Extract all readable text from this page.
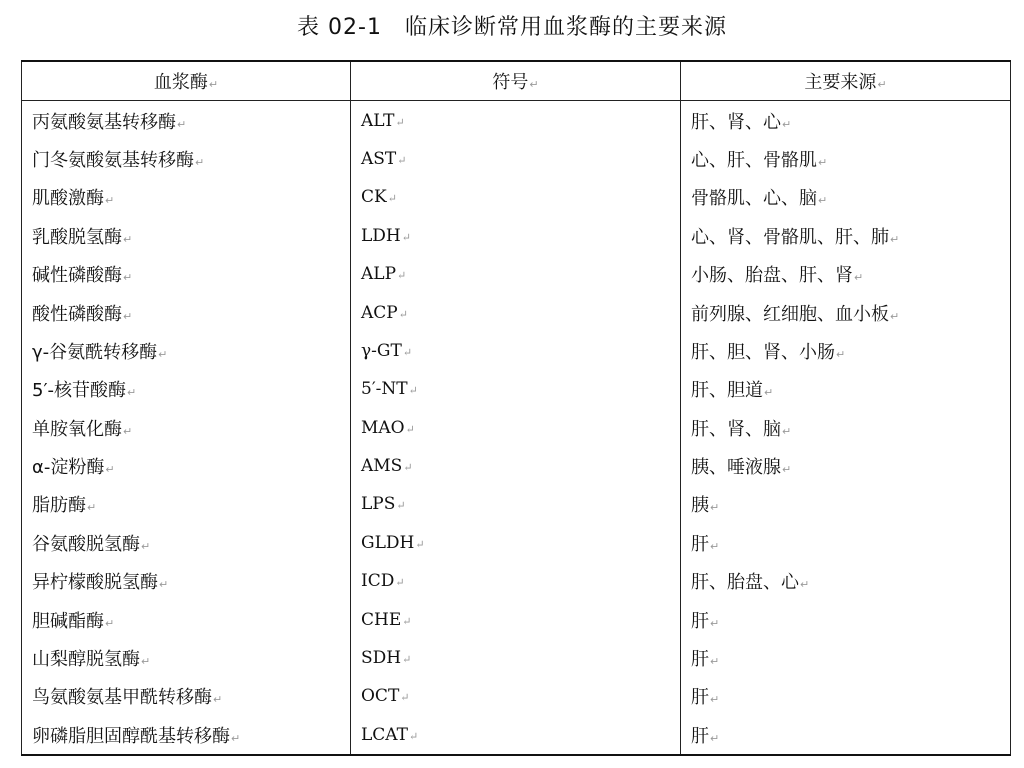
表 02-1　临床诊断常用血浆酶的主要来源
血浆酶 ↵	符号 ↵	主要来源 ↵
丙氨酸氨基转移酶 ↵	ALT ↵	肝、肾、心 ↵
门冬氨酸氨基转移酶 ↵	AST ↵	心、肝、骨骼肌 ↵
肌酸激酶 ↵	CK ↵	骨骼肌、心、脑 ↵
乳酸脱氢酶 ↵	LDH ↵	心、肾、骨骼肌、肝、肺 ↵
碱性磷酸酶 ↵	ALP ↵	小肠、胎盘、肝、肾 ↵
酸性磷酸酶 ↵	ACP ↵	前列腺、红细胞、血小板 ↵
γ-谷氨酰转移酶 ↵	γ-GT ↵	肝、胆、肾、小肠 ↵
5′-核苷酸酶 ↵	5′-NT ↵	肝、胆道 ↵
单胺氧化酶 ↵	MAO ↵	肝、肾、脑 ↵
α-淀粉酶 ↵	AMS ↵	胰、唾液腺 ↵
脂肪酶 ↵	LPS ↵	胰 ↵
谷氨酸脱氢酶 ↵	GLDH ↵	肝 ↵
异柠檬酸脱氢酶 ↵	ICD ↵	肝、胎盘、心 ↵
胆碱酯酶 ↵	CHE ↵	肝 ↵
山梨醇脱氢酶 ↵	SDH ↵	肝 ↵
鸟氨酸氨基甲酰转移酶 ↵	OCT ↵	肝 ↵
卵磷脂胆固醇酰基转移酶 ↵	LCAT ↵	肝 ↵
